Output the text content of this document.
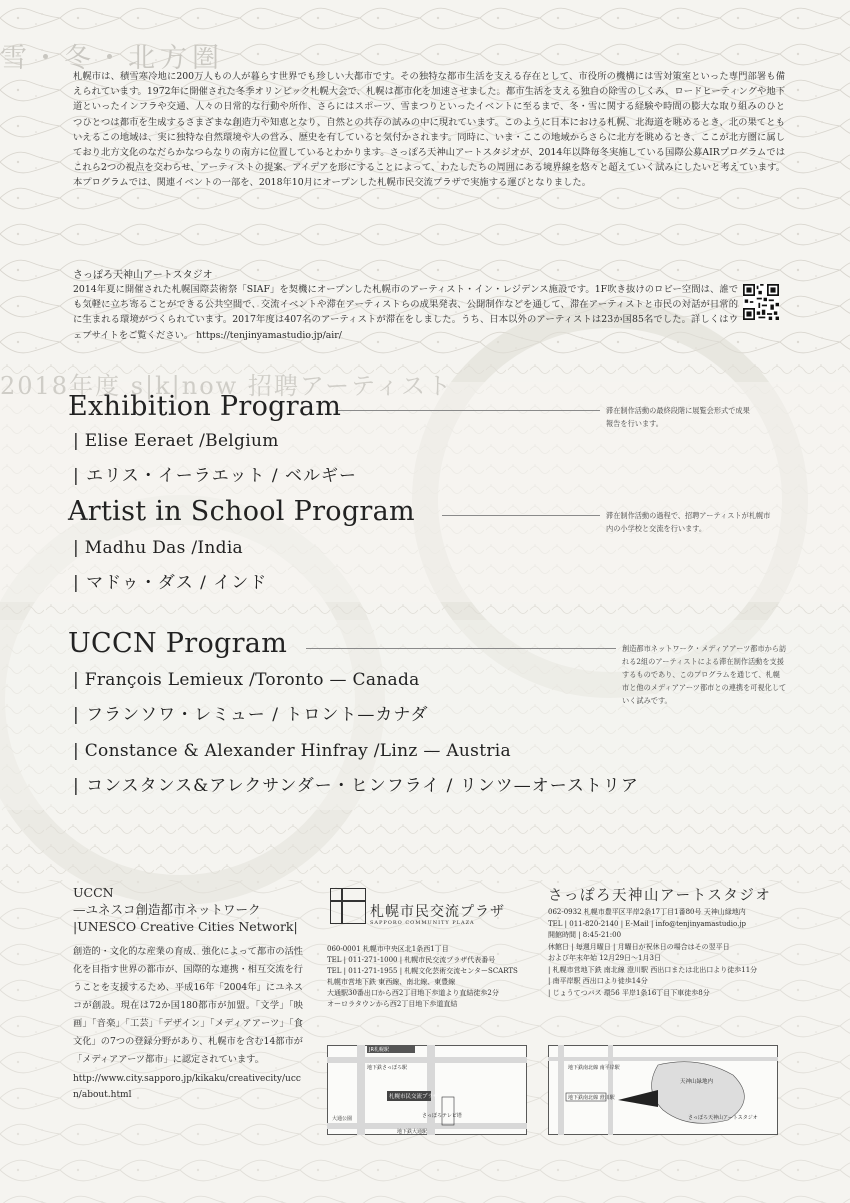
雪・冬・北方圏
札幌市は、積雪寒冷地に200万人もの人が暮らす世界でも珍しい大都市です。その独特な都市生活を支える存在として、市役所の機構には雪対策室といった専門部署も備えられています。1972年に開催された冬季オリンピック札幌大会で、札幌は都市化を加速させました。都市生活を支える独自の除雪のしくみ、ロードヒーティングや地下道といったインフラや交通、人々の日常的な行動や所作、さらにはスポーツ、雪まつりといったイベントに至るまで、冬・雪に関する経験や時間の膨大な取り組みのひとつひとつは都市を生成するさまざまな創造力や知恵となり、自然との共存の試みの中に現れています。このように日本における札幌、北海道を眺めるとき、北の果てともいえるこの地域は、実に独特な自然環境や人の営み、歴史を有していると気付かされます。同時に、いま・ここの地域からさらに北方を眺めるとき、ここが北方圏に属しており北方文化のなだらかなつらなりの南方に位置しているとわかります。さっぽろ天神山アートスタジオが、2014年以降毎冬実施している国際公募AIRプログラムではこれら2つの視点を交わらせ、アーティストの提案、アイデアを形にすることによって、わたしたちの周囲にある境界線を悠々と超えていく試みにしたいと考えています。本プログラムでは、関連イベントの一部を、2018年10月にオープンした札幌市民交流プラザで実施する運びとなりました。
さっぽろ天神山アートスタジオ
2014年夏に開催された札幌国際芸術祭「SIAF」を契機にオープンした札幌市のアーティスト・イン・レジデンス施設です。1F吹き抜けのロビー空間は、誰でも気軽に立ち寄ることができる公共空間で、交流イベントや滞在アーティストらの成果発表、公開制作などを通して、滞在アーティストと市民の対話が日常的に生まれる環境がつくられています。2017年度は407名のアーティストが滞在をしました。うち、日本以外のアーティストは23か国85名でした。詳しくはウェブサイトをご覧ください。 https://tenjinyamastudio.jp/air/
2018年度 s|k|now 招聘アーティスト
Exhibition Program	滞在制作活動の最終段階に展覧会形式で成果報告を行います。
| Elise Eeraet /Belgium
| エリス・イーラエット / ベルギー
Artist in School Program	滞在制作活動の過程で、招聘アーティストが札幌市内の小学校と交流を行います。
| Madhu Das /India
| マドゥ・ダス / インド
UCCN Program	創造都市ネットワーク・メディアアーツ都市から訪れる2組のアーティストによる滞在制作活動を支援するものであり、このプログラムを通じて、札幌市と他のメディアアーツ都市との連携を可視化していく試みです。
| François Lemieux /Toronto — Canada
| フランソワ・レミュー / トロント—カナダ
| Constance & Alexander Hinfray /Linz — Austria
| コンスタンス&アレクサンダー・ヒンフライ / リンツ—オーストリア
UCCN
—ユネスコ創造都市ネットワーク
|UNESCO Creative Cities Network|
創造的・文化的な産業の育成、強化によって都市の活性化を目指す世界の都市が、国際的な連携・相互交流を行うことを支援するため、平成16年「2004年」にユネスコが創設。現在は72か国180都市が加盟。「文学」「映画」「音楽」「工芸」「デザイン」「メディアアーツ」「食文化」の7つの登録分野があり、札幌市を含む14都市が「メディアアーツ都市」に認定されています。
http://www.city.sapporo.jp/kikaku/creativecity/uccn/about.html
札幌市民交流プラザ
SAPPORO COMMUNITY PLAZA
060-0001 札幌市中央区北1条西1丁目
TEL | 011-271-1000 | 札幌市民交流プラザ代表番号
TEL | 011-271-1955 | 札幌文化芸術交流センターSCARTS
札幌市営地下鉄 東西線、南北線、東豊線
大通駅30番出口から西2丁目地下歩道より直結徒歩2分
オーロラタウンから西2丁目地下歩道直結
JR札幌駅
地下鉄さっぽろ駅
札幌市民交流プラザ
大通公園
地下鉄大通駅
さっぽろテレビ塔
さっぽろ天神山アートスタジオ
062-0932 札幌市豊平区平岸2条17丁目1番80号 天神山緑地内
TEL | 011-820-2140 | E-Mail | info@tenjinyamastudio.jp
開館時間 | 8:45-21:00
休館日 | 毎週月曜日 | 月曜日が祝休日の場合はその翌平日
および年末年始 12月29日〜1月3日
| 札幌市営地下鉄 南北線 澄川駅 西出口または北出口より徒歩11分
| 南平岸駅 西出口より徒歩14分
| じょうてつバス 環56 平岸1条16丁目下車徒歩8分
天神山緑地内
さっぽろ天神山アートスタジオ
地下鉄南北線 澄川駅
地下鉄南北線 南平岸駅
